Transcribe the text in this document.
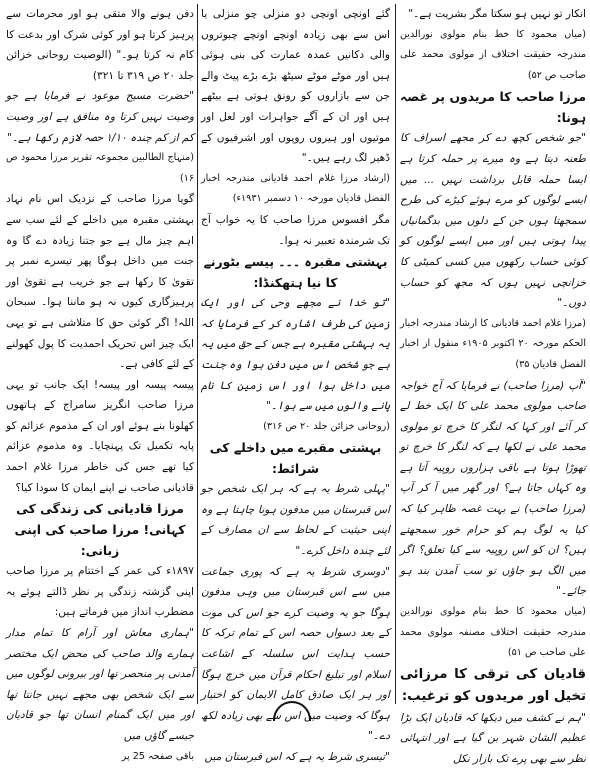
انکار تو نہیں ہو سکتا مگر بشریت ہے۔"

(میاں محمود کا خط بنام مولوی نورالدین مندرجہ حقیقت اختلاف از مولوی محمد علی صاحب ص ۵۲)

مرزا صاحب کا مریدوں پر غصہ ہونا:

"جو شخص کچھ دے کر مجھے اسراف کا طعنہ دیتا ہے وہ میرے پر حملہ کرتا ہے ایسا حملہ قابل برداشت نہیں ... میں ایسے لوگوں کو مرے ہوئے کیڑے کی طرح سمجھتا ہوں جن کے دلوں میں بدگمانیاں پیدا ہوتی ہیں اور میں ایسے لوگوں کو کوئی حساب رکھوں میں کسی کمیٹی کا خزانچی نہیں ہوں کہ مجھ کو حساب دوں۔"

(مرزا غلام احمد قادیانی کا ارشاد مندرجہ اخبار الحکم مورخہ ۲۰ اکتوبر ۱۹۰۵ء منقول از اخبار الفضل قادیان ۳۵)

"آپ (مرزا صاحب) نے فرمایا کہ آج خواجہ صاحب مولوی محمد علی کا ایک خط لے کر آئے اور کہا کہ لنگر کا خرچ تو مولوی محمد علی نے لکھا ہے کہ لنگر کا خرچ تو تھوڑا ہوتا ہے باقی ہزاروں روپیہ آتا ہے وہ کہاں جاتا ہے؟ اور گھر میں آ کر آپ (مرزا صاحب) نے بہت غصہ ظاہر کیا کہ کیا یہ لوگ ہم کو حرام خور سمجھتے ہیں؟ ان کو اس روپیہ سے کیا تعلق؟ اگر میں الگ ہو جاؤں تو سب آمدن بند ہو جائے۔"

(میاں محمود کا خط بنام مولوی نورالدین مندرجہ حقیقت اختلاف مصنفہ مولوی محمد علی صاحب ص ۵۱)

قادیان کی ترقی کا مرزائی تخیل اور مریدوں کو ترغیب:

"ہم نے کشف میں دیکھا کہ قادیان ایک بڑا عظیم الشان شہر بن گیا ہے اور انتہائی نظر سے بھی پرے تک بازار نکل

گئے اونچی اونچی دو منزلی چو منزلی یا اس سے بھی زیادہ اونچے اونچے چبوتروں والی دکانیں عمدہ عمارت کی بنی ہوئی ہیں اور موٹے موٹے سیٹھ بڑے بڑے پیٹ والے جن سے بازاروں کو رونق ہوتی ہے بیٹھے ہیں اور ان کے آگے جواہرات اور لعل اور موتیوں اور ہیروں روپوں اور اشرفیوں کے ڈھیر لگ رہے ہیں۔"

(ارشاد مرزا غلام احمد قادیانی مندرجہ اخبار الفضل قادیان مورخہ ۱۰ دسمبر ۱۹۳۱ء)

مگر افسوس مرزا صاحب کا یہ خواب آج تک شرمندہ تعبیر نہ ہوا۔

بہشتی مقبرہ ۔۔۔ پیسے بٹورنے کا نیا ہتھکنڈا:

"تو خدا نے مجھے وحی کی اور ایک زمین کی طرف اشارہ کر کے فرمایا کہ یہ بہشتی مقبرہ ہے جس کے حق میں یہ ہے جو شخص اس میں دفن ہوا وہ جنت میں داخل ہوا اور اس زمین کا نام پانے والوں میں سے ہوا۔"

(روحانی خزائن جلد ۲۰ ص ۳۱۶)

بہشتی مقبرے میں داخلے کی شرائط:

"پہلی شرط یہ ہے کہ ہر ایک شخص جو اس قبرستان میں مدفون ہونا چاہتا ہے وہ اپنی حیثیت کے لحاظ سے ان مصارف کے لئے چندہ داخل کرے۔"

"دوسری شرط یہ ہے کہ پوری جماعت میں سے اس قبرستان میں وہی مدفون ہوگا جو یہ وصیت کرے جو اس کی موت کے بعد دسواں حصہ اس کے تمام ترکہ کا حسب ہدایت اس سلسلہ کے اشاعت اسلام اور تبلیغ احکام قرآن میں خرچ ہوگا اور ہر ایک صادق کامل الایمان کو اختیار ہوگا کہ وصیت میں اس سے بھی زیادہ لکھ دے۔"

"تیسری شرط یہ ہے کہ اس قبرستان میں

دفن ہونے والا متقی ہو اور محرمات سے پرہیز کرتا ہو اور کوئی شرک اور بدعت کا کام نہ کرتا ہو۔" (الوصیت روحانی خزائن جلد ۲۰ ص ۳۱۹ تا ۳۲۱)

"حضرت مسیح موعود نے فرمایا ہے جو وصیت نہیں کرتا وہ منافق ہے اور وصیت کم از کم چندہ ۱/۱۰ حصہ لازم رکھا ہے۔"

(منہاج الطالبین مجموعہ تقریر مرزا محمود ص ۱۶)

گویا مرزا صاحب کے نزدیک اس نام نہاد بہشتی مقبرہ میں داخلے کے لئے سب سے اہم چیز مال ہے جو جتنا زیادہ دے گا وہ جنت میں داخل ہوگا پھر تیسرے نمبر پر تقویٰ کا رکھا ہے جو خریب ہے تقویٰ اور پرہیزگاری کیوں نہ ہو ماننا ہوا۔ سبحان اللہ! اگر کوئی حق کا متلاشی ہے تو یہی ایک چیز اس تحریک احمدیت کا پول کھولنے کے لئے کافی ہے۔

پیسہ پیسہ اور پیسہ! ایک جانب تو یہی مرزا صاحب انگریز سامراج کے ہاتھوں کھلونا بنے ہوئے اور ان کے مذموم عزائم کو پایہ تکمیل تک پہنچایا۔ وہ مذموم عزائم کیا تھے جس کی خاطر مرزا غلام احمد قادیانی صاحب نے اپنے ایمان کا سودا کیا؟

مرزا قادیانی کی زندگی کی کہانی! مرزا صاحب کی اپنی زبانی:

۱۸۹۷ء کی عمر کے اختتام پر مرزا صاحب اپنی گزشتہ زندگی پر نظر ڈالتے ہوئے یہ مضطرب انداز میں فرماتے ہیں:

"ہماری معاش اور آرام کا تمام مدار ہمارے والد صاحب کی محض ایک مختصر آمدنی پر منحصر تھا اور بیرونی لوگوں میں سے ایک شخص بھی مجھے نہیں جانتا تھا اور میں ایک گمنام انسان تھا جو قادیان جیسے گاؤں میں

باقی صفحہ 25 پر
